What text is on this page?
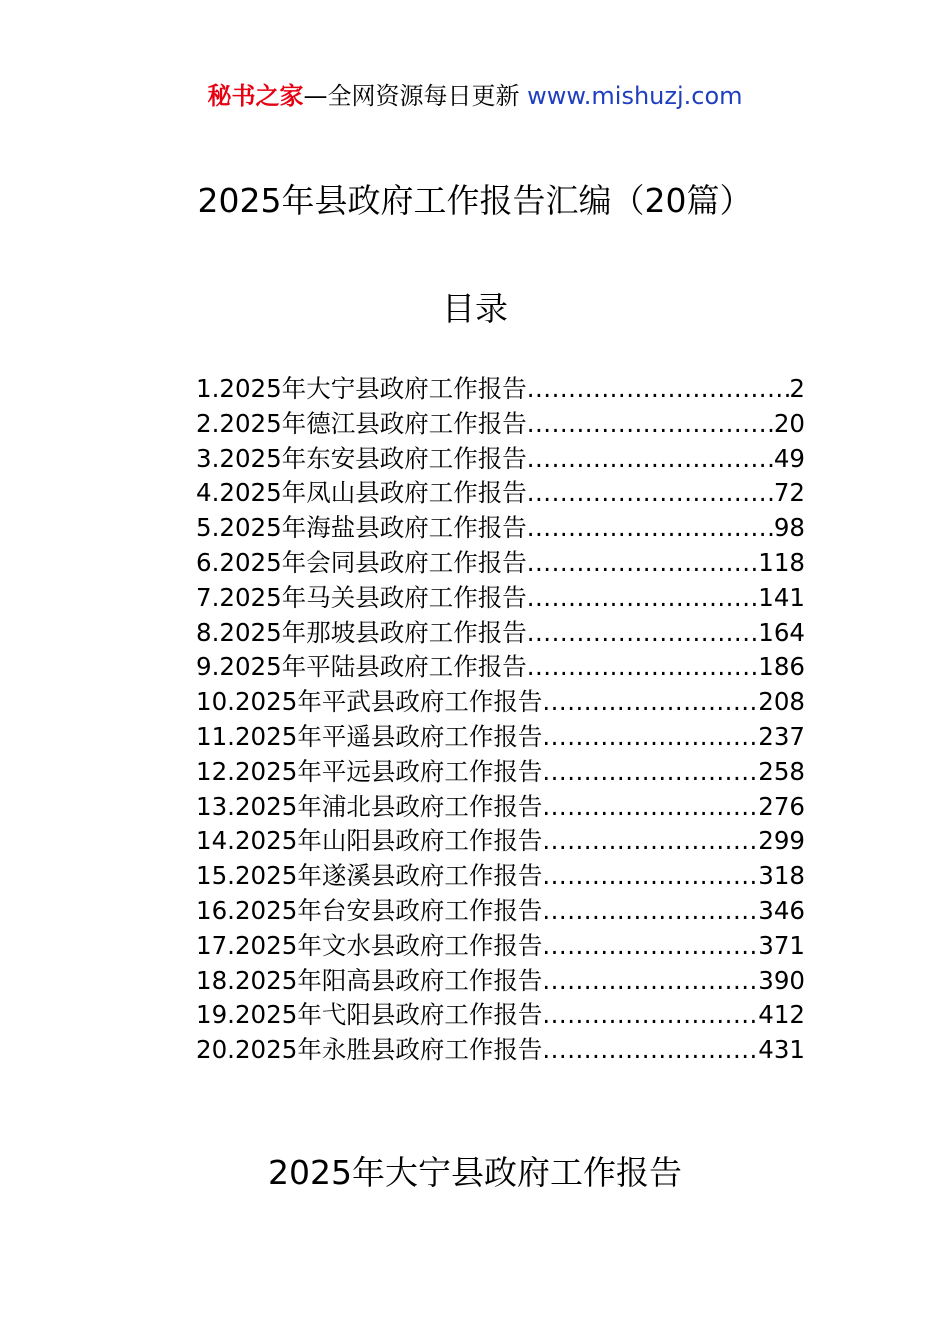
秘书之家—全网资源每日更新 www.mishuzj.com
2025年县政府工作报告汇编（20篇）
目录
1.2025年大宁县政府工作报告 .....	2
2.2025年德江县政府工作报告 .....	20
3.2025年东安县政府工作报告 .....	49
4.2025年凤山县政府工作报告 .....	72
5.2025年海盐县政府工作报告 .....	98
6.2025年会同县政府工作报告 .....	118
7.2025年马关县政府工作报告 .....	141
8.2025年那坡县政府工作报告 .....	164
9.2025年平陆县政府工作报告 .....	186
10.2025年平武县政府工作报告 .....	208
11.2025年平遥县政府工作报告 .....	237
12.2025年平远县政府工作报告 .....	258
13.2025年浦北县政府工作报告 .....	276
14.2025年山阳县政府工作报告 .....	299
15.2025年遂溪县政府工作报告 .....	318
16.2025年台安县政府工作报告 .....	346
17.2025年文水县政府工作报告 .....	371
18.2025年阳高县政府工作报告 .....	390
19.2025年弋阳县政府工作报告 .....	412
20.2025年永胜县政府工作报告 .....	431
2025年大宁县政府工作报告
